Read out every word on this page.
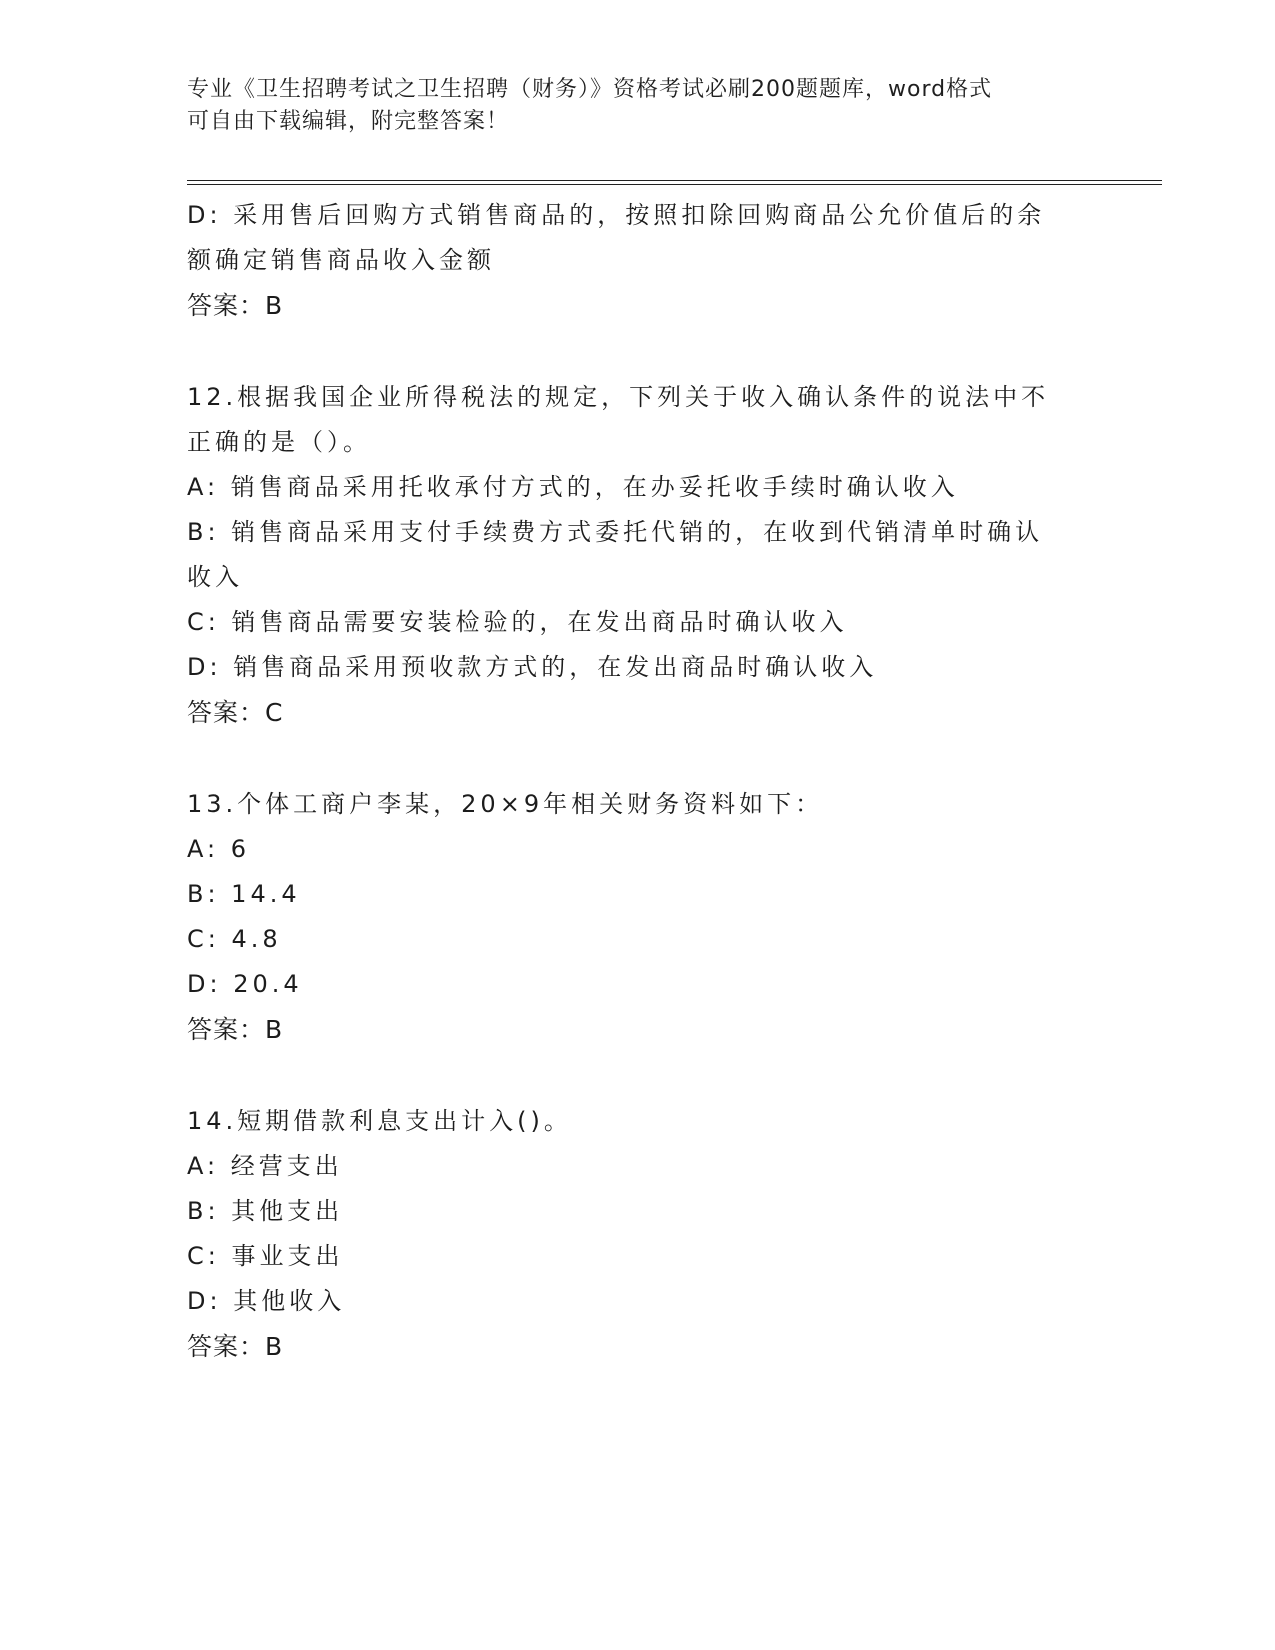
专业《卫生招聘考试之卫生招聘（财务）》资格考试必刷200题题库，word格式
可自由下载编辑，附完整答案！
D: 采用售后回购方式销售商品的，按照扣除回购商品公允价值后的余
额确定销售商品收入金额
答案：B
12.根据我国企业所得税法的规定，下列关于收入确认条件的说法中不
正确的是（）。
A: 销售商品采用托收承付方式的，在办妥托收手续时确认收入
B: 销售商品采用支付手续费方式委托代销的，在收到代销清单时确认
收入
C: 销售商品需要安装检验的，在发出商品时确认收入
D: 销售商品采用预收款方式的，在发出商品时确认收入
答案：C
13.个体工商户李某，20×9年相关财务资料如下：
A: 6
B: 14.4
C: 4.8
D: 20.4
答案：B
14.短期借款利息支出计入()。
A: 经营支出
B: 其他支出
C: 事业支出
D: 其他收入
答案：B
